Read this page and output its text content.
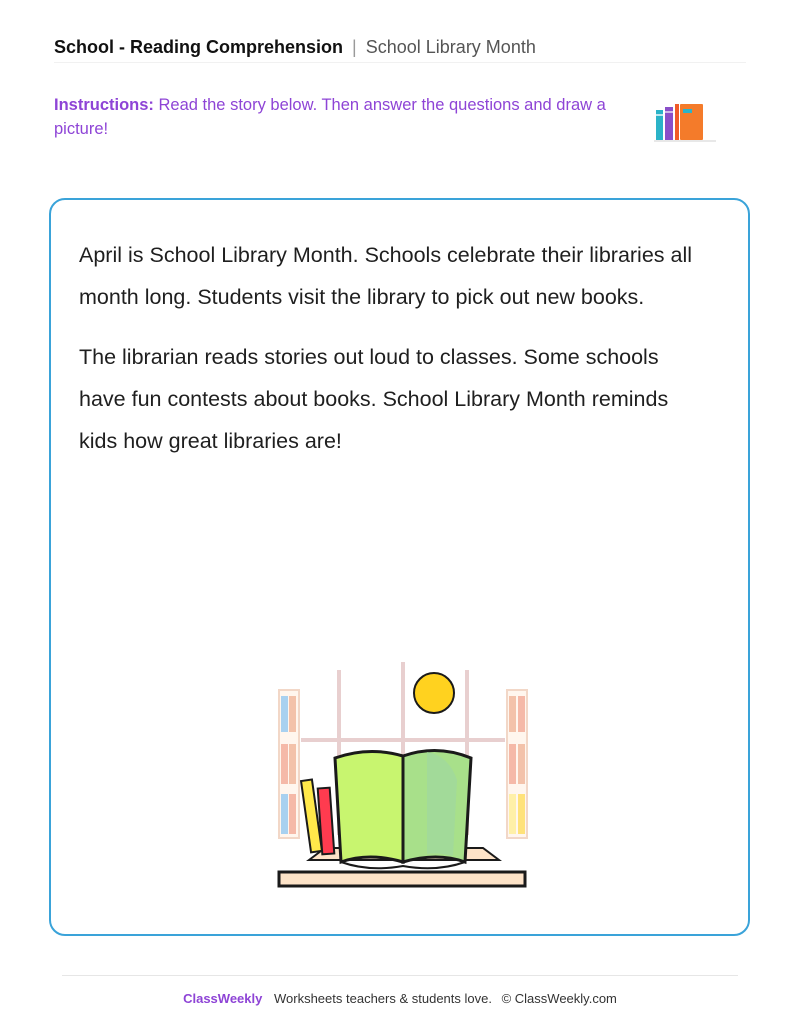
School - Reading Comprehension | School Library Month
Instructions: Read the story below. Then answer the questions and draw a picture!

April is School Library Month. Schools celebrate their libraries all month long. Students visit the library to pick out new books.

The librarian reads stories out loud to classes. Some schools have fun contests about books. School Library Month reminds kids how great libraries are!

ClassWeekly Worksheets teachers & students love. © ClassWeekly.com
